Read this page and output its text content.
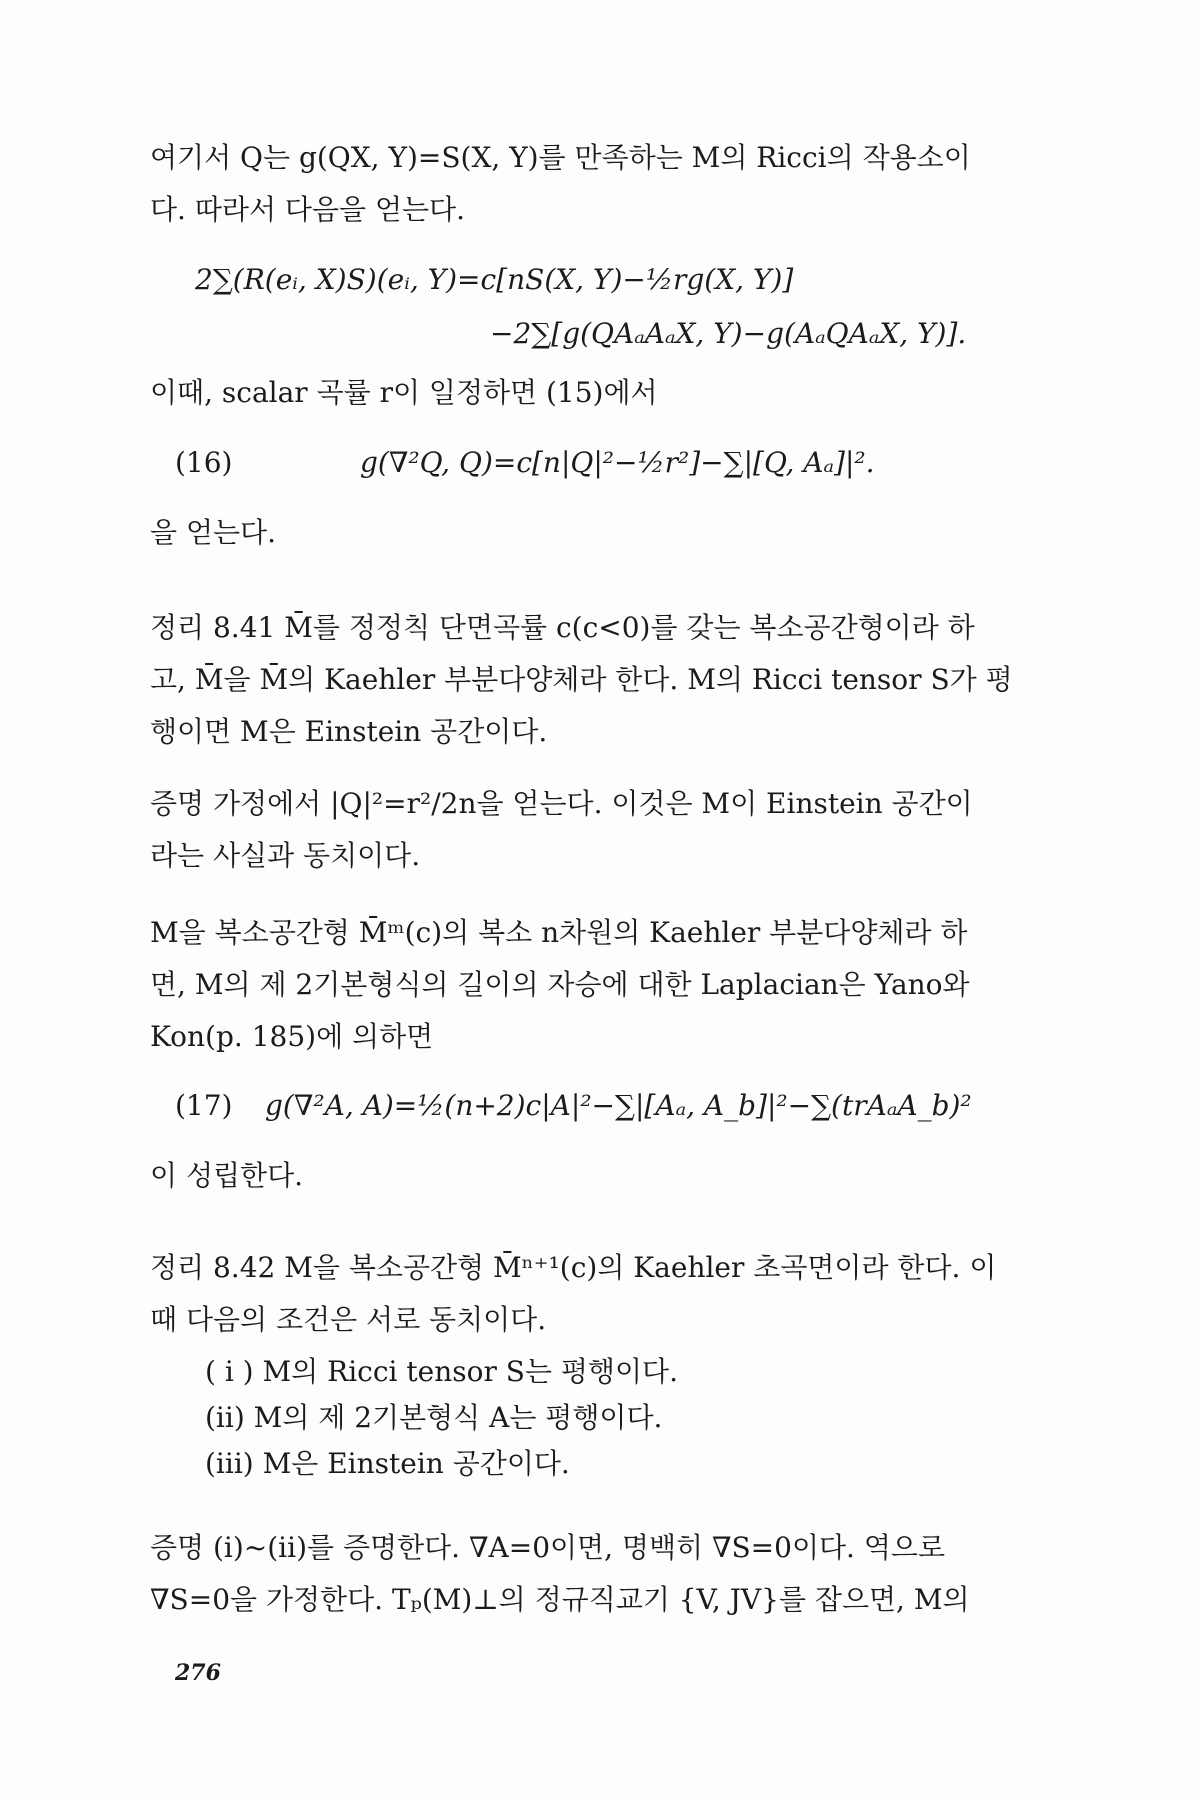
여기서 Q는 g(QX, Y)=S(X, Y)를 만족하는 M의 Ricci의 작용소이
다. 따라서 다음을 얻는다.
2∑(R(eᵢ, X)S)(eᵢ, Y)=c[nS(X, Y)−½rg(X, Y)]
−2∑[g(QAₐAₐX, Y)−g(AₐQAₐX, Y)].
이때, scalar 곡률 r이 일정하면 (15)에서
(16)	g(∇²Q, Q)=c[n|Q|²−½r²]−∑|[Q, Aₐ]|².
을 얻는다.
정리 8.41 M̄를 정정칙 단면곡률 c(c<0)를 갖는 복소공간형이라 하
고, M̄을 M̄의 Kaehler 부분다양체라 한다. M의 Ricci tensor S가 평
행이면 M은 Einstein 공간이다.
증명 가정에서 |Q|²=r²/2n을 얻는다. 이것은 M이 Einstein 공간이
라는 사실과 동치이다.
M을 복소공간형 M̄ᵐ(c)의 복소 n차원의 Kaehler 부분다양체라 하
면, M의 제 2기본형식의 길이의 자승에 대한 Laplacian은 Yano와
Kon(p. 185)에 의하면
(17) g(∇²A, A)=½(n+2)c|A|²−∑|[Aₐ, A_b]|²−∑(trAₐA_b)²
이 성립한다.
정리 8.42 M을 복소공간형 M̄ⁿ⁺¹(c)의 Kaehler 초곡면이라 한다. 이
때 다음의 조건은 서로 동치이다.
( i ) M의 Ricci tensor S는 평행이다.
(ii) M의 제 2기본형식 A는 평행이다.
(iii) M은 Einstein 공간이다.
증명 (i)~(ii)를 증명한다. ∇A=0이면, 명백히 ∇S=0이다. 역으로
∇S=0을 가정한다. Tₚ(M)⊥의 정규직교기 {V, JV}를 잡으면, M의
276
